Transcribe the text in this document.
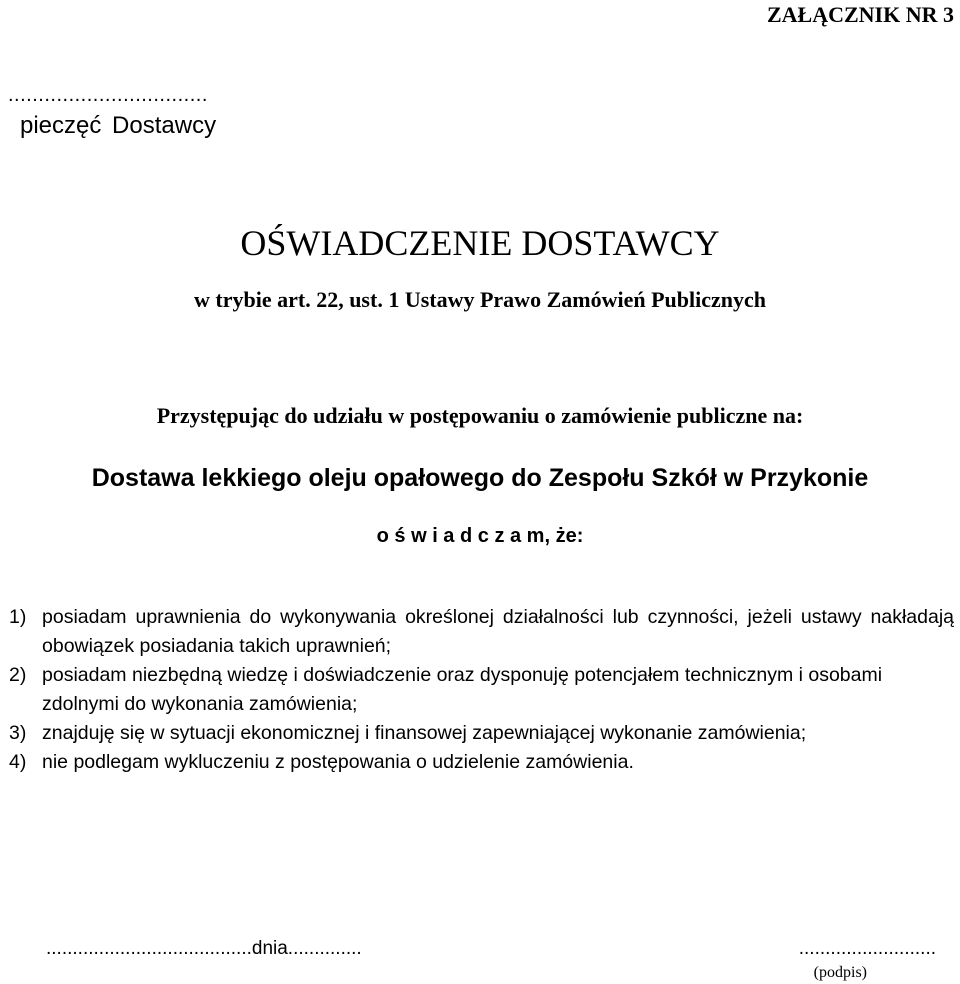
ZAŁĄCZNIK NR 3
.................................
pieczęć Dostawcy
OŚWIADCZENIE DOSTAWCY
w trybie art. 22, ust. 1 Ustawy Prawo Zamówień Publicznych
Przystępując do udziału w postępowaniu o zamówienie publiczne na:
Dostawa lekkiego oleju opałowego do Zespołu Szkół w Przykonie
o ś w i a d c z a m, że:
1) posiadam uprawnienia do wykonywania określonej działalności lub czynności, jeżeli ustawy nakładają obowiązek posiadania takich uprawnień;
2) posiadam niezbędną wiedzę i doświadczenie oraz dysponuję potencjałem technicznym i osobami zdolnymi do wykonania zamówienia;
3) znajduję się w sytuacji ekonomicznej i finansowej zapewniającej wykonanie zamówienia;
4) nie podlegam wykluczeniu z postępowania o udzielenie zamówienia.
.......................................dnia..............	..........................
(podpis)
